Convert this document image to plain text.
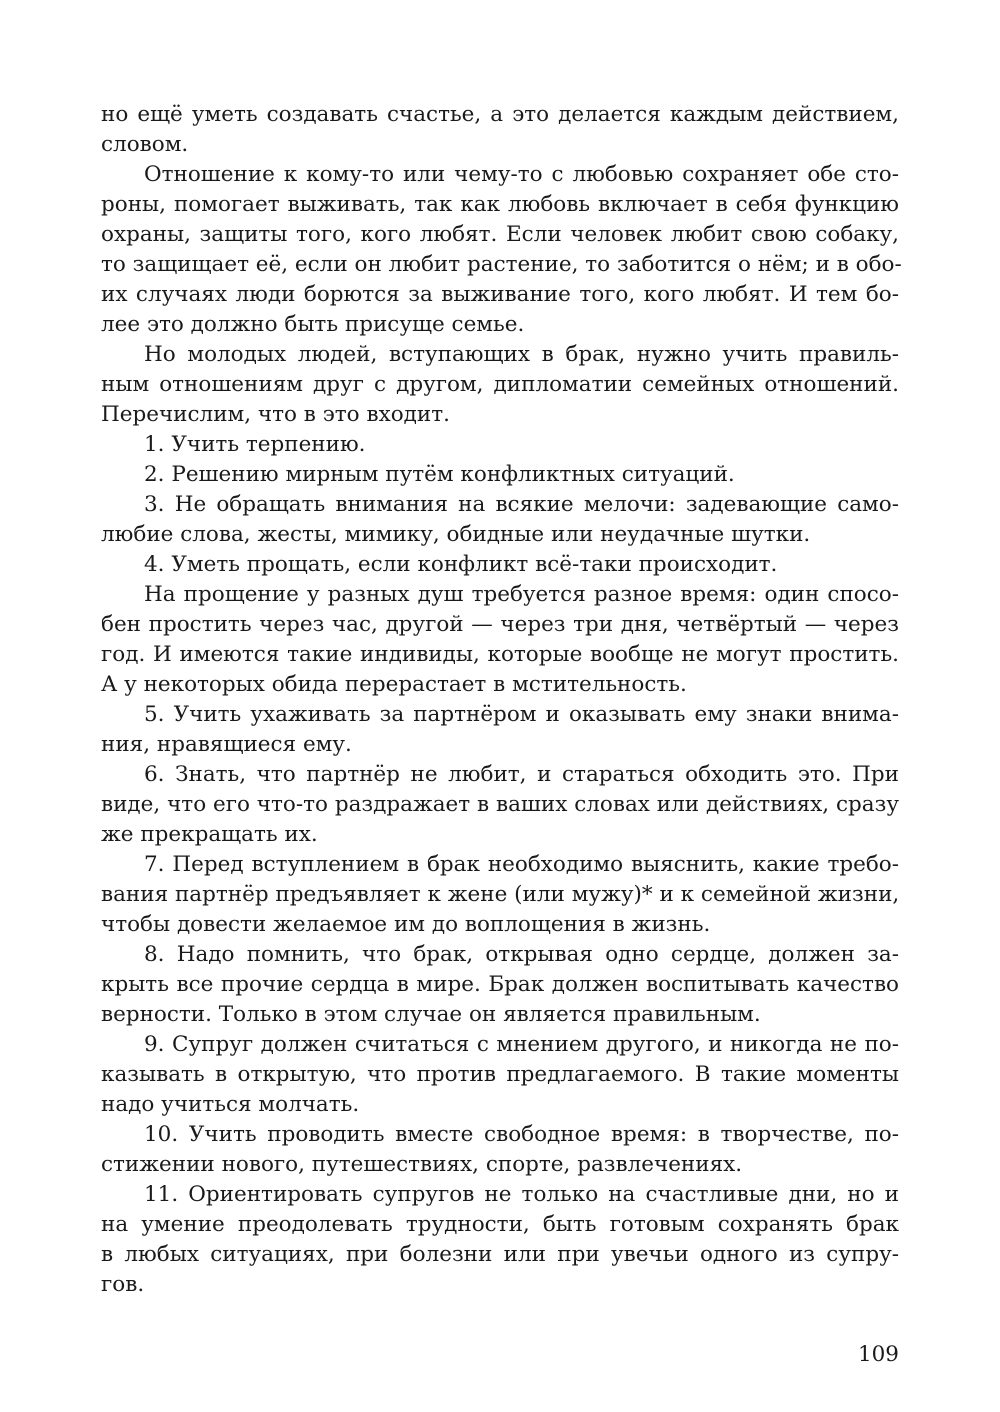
но ещё уметь создавать счастье, а это делается каждым действием,
словом.
Отношение к кому-то или чему-то с любовью сохраняет обе сто-
роны, помогает выживать, так как любовь включает в себя функцию
охраны, защиты того, кого любят. Если человек любит свою собаку,
то защищает её, если он любит растение, то заботится о нём; и в обо-
их случаях люди борются за выживание того, кого любят. И тем бо-
лее это должно быть присуще семье.
Но молодых людей, вступающих в брак, нужно учить правиль-
ным отношениям друг с другом, дипломатии семейных отношений.
Перечислим, что в это входит.
1. Учить терпению.
2. Решению мирным путём конфликтных ситуаций.
3. Не обращать внимания на всякие мелочи: задевающие само-
любие слова, жесты, мимику, обидные или неудачные шутки.
4. Уметь прощать, если конфликт всё-таки происходит.
На прощение у разных душ требуется разное время: один спосо-
бен простить через час, другой — через три дня, четвёртый — через
год. И имеются такие индивиды, которые вообще не могут простить.
А у некоторых обида перерастает в мстительность.
5. Учить ухаживать за партнёром и оказывать ему знаки внима-
ния, нравящиеся ему.
6. Знать, что партнёр не любит, и стараться обходить это. При
виде, что его что-то раздражает в ваших словах или действиях, сразу
же прекращать их.
7. Перед вступлением в брак необходимо выяснить, какие требо-
вания партнёр предъявляет к жене (или мужу)* и к семейной жизни,
чтобы довести желаемое им до воплощения в жизнь.
8. Надо помнить, что брак, открывая одно сердце, должен за-
крыть все прочие сердца в мире. Брак должен воспитывать качество
верности. Только в этом случае он является правильным.
9. Супруг должен считаться с мнением другого, и никогда не по-
казывать в открытую, что против предлагаемого. В такие моменты
надо учиться молчать.
10. Учить проводить вместе свободное время: в творчестве, по-
стижении нового, путешествиях, спорте, развлечениях.
11. Ориентировать супругов не только на счастливые дни, но и
на умение преодолевать трудности, быть готовым сохранять брак
в любых ситуациях, при болезни или при увечьи одного из супру-
гов.
109
